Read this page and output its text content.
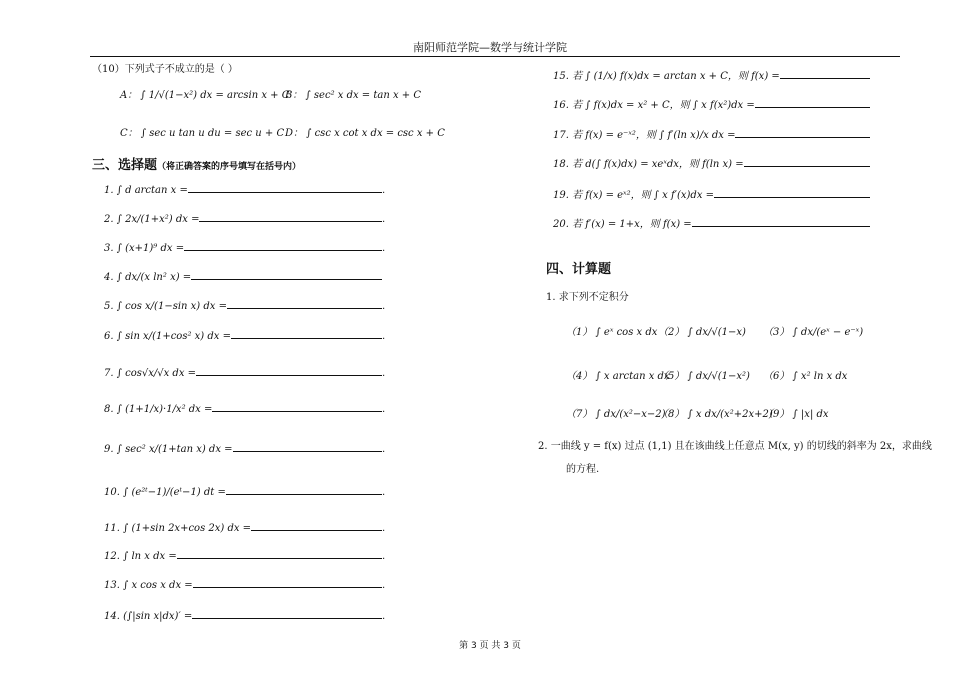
南阳师范学院—数学与统计学院
（10）下列式子不成立的是（ ）
A： ∫ 1/√(1−x²) dx = arcsin x + C
B： ∫ sec² x dx = tan x + C
C： ∫ sec u tan u du = sec u + C D： ∫ csc x cot x dx = csc x + C
三、选择题（将正确答案的序号填写在括号内）
1. ∫ d arctan x =	.
2. ∫ 2x/(1+x²) dx =	.
3. ∫ (x+1)⁹ dx =	.
4. ∫ dx/(x ln² x) =
5. ∫ cos x/(1−sin x) dx =	.
6. ∫ sin x/(1+cos² x) dx =	.
7. ∫ cos√x/√x dx =	.
8. ∫ (1+1/x)·1/x² dx =	.
9. ∫ sec² x/(1+tan x) dx =	.
10. ∫ (e²ᵗ−1)/(eᵗ−1) dt =	.
11. ∫ (1+sin 2x+cos 2x) dx =	.
12. ∫ ln x dx =	.
13. ∫ x cos x dx =	.
14. (∫|sin x|dx)′ =	.
15. 若 ∫ (1/x) f(x)dx = arctan x + C，则 f(x) =
16. 若 ∫ f(x)dx = x² + C，则 ∫ x f(x²)dx =
17. 若 f(x) = e⁻ˣ²，则 ∫ f′(ln x)/x dx =
18. 若 d(∫ f(x)dx) = xeˣdx，则 f(ln x) =
19. 若 f(x) = eˣ²，则 ∫ x f′(x)dx =
20. 若 f′(x) = 1+x，则 f(x) =
四、计算题
1. 求下列不定积分
（1） ∫ eˣ cos x dx （2） ∫ dx/√(1−x) （3） ∫ dx/(eˣ − e⁻ˣ)
（4） ∫ x arctan x dx
（5） ∫ dx/√(1−x²) （6） ∫ x² ln x dx
（7） ∫ dx/(x²−x−2)
（8） ∫ x dx/(x²+2x+2)
（9） ∫ |x| dx
2. 一曲线 y = f(x) 过点 (1,1) 且在该曲线上任意点 M(x, y) 的切线的斜率为 2x，求曲线
的方程.
第 3 页 共 3 页
